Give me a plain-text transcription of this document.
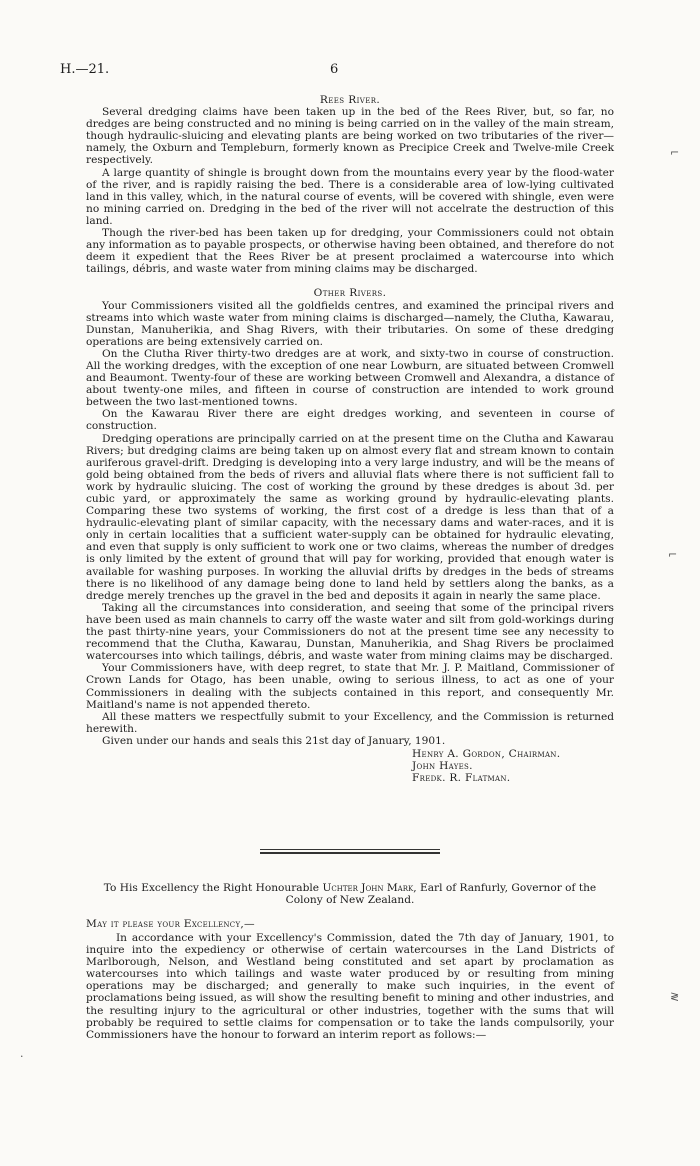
H.—21.	6

Rees River.

Several dredging claims have been taken up in the bed of the Rees River, but, so far, no dredges are being constructed and no mining is being carried on in the valley of the main stream, though hydraulic-sluicing and elevating plants are being worked on two tributaries of the river—namely, the Oxburn and Templeburn, formerly known as Precipice Creek and Twelve-mile Creek respectively.

A large quantity of shingle is brought down from the mountains every year by the flood-water of the river, and is rapidly raising the bed. There is a considerable area of low-lying cultivated land in this valley, which, in the natural course of events, will be covered with shingle, even were no mining carried on. Dredging in the bed of the river will not accelrate the destruction of this land.

Though the river-bed has been taken up for dredging, your Commissioners could not obtain any information as to payable prospects, or otherwise having been obtained, and therefore do not deem it expedient that the Rees River be at present proclaimed a watercourse into which tailings, débris, and waste water from mining claims may be discharged.

Other Rivers.

Your Commissioners visited all the goldfields centres, and examined the principal rivers and streams into which waste water from mining claims is discharged—namely, the Clutha, Kawarau, Dunstan, Manuherikia, and Shag Rivers, with their tributaries. On some of these dredging operations are being extensively carried on.

On the Clutha River thirty-two dredges are at work, and sixty-two in course of construction. All the working dredges, with the exception of one near Lowburn, are situated between Cromwell and Beaumont. Twenty-four of these are working between Cromwell and Alexandra, a distance of about twenty-one miles, and fifteen in course of construction are intended to work ground between the two last-mentioned towns.

On the Kawarau River there are eight dredges working, and seventeen in course of construction.

Dredging operations are principally carried on at the present time on the Clutha and Kawarau Rivers; but dredging claims are being taken up on almost every flat and stream known to contain auriferous gravel-drift. Dredging is developing into a very large industry, and will be the means of gold being obtained from the beds of rivers and alluvial flats where there is not sufficient fall to work by hydraulic sluicing. The cost of working the ground by these dredges is about 3d. per cubic yard, or approximately the same as working ground by hydraulic-elevating plants. Comparing these two systems of working, the first cost of a dredge is less than that of a hydraulic-elevating plant of similar capacity, with the necessary dams and water-races, and it is only in certain localities that a sufficient water-supply can be obtained for hydraulic elevating, and even that supply is only sufficient to work one or two claims, whereas the number of dredges is only limited by the extent of ground that will pay for working, provided that enough water is available for washing purposes. In working the alluvial drifts by dredges in the beds of streams there is no likelihood of any damage being done to land held by settlers along the banks, as a dredge merely trenches up the gravel in the bed and deposits it again in nearly the same place.

Taking all the circumstances into consideration, and seeing that some of the principal rivers have been used as main channels to carry off the waste water and silt from gold-workings during the past thirty-nine years, your Commissioners do not at the present time see any necessity to recommend that the Clutha, Kawarau, Dunstan, Manuherikia, and Shag Rivers be proclaimed watercourses into which tailings, débris, and waste water from mining claims may be discharged.

Your Commissioners have, with deep regret, to state that Mr. J. P. Maitland, Commissioner of Crown Lands for Otago, has been unable, owing to serious illness, to act as one of your Commissioners in dealing with the subjects contained in this report, and consequently Mr. Maitland's name is not appended thereto.

All these matters we respectfully submit to your Excellency, and the Commission is returned herewith.

Given under our hands and seals this 21st day of January, 1901.

Henry A. Gordon, Chairman.
John Hayes.
Fredk. R. Flatman.
To His Excellency the Right Honourable Uchter John Mark, Earl of Ranfurly, Governor of the Colony of New Zealand.
May it please your Excellency,—

In accordance with your Excellency's Commission, dated the 7th day of January, 1901, to inquire into the expediency or otherwise of certain watercourses in the Land Districts of Marlborough, Nelson, and Westland being constituted and set apart by proclamation as watercourses into which tailings and waste water produced by or resulting from mining operations may be discharged; and generally to make such inquiries, in the event of proclamations being issued, as will show the resulting benefit to mining and other industries, and the resulting injury to the agricultural or other industries, together with the sums that will probably be required to settle claims for compensation or to take the lands compulsorily, your Commissioners have the honour to forward an interim report as follows:—

⌐
⌐
≷
·
